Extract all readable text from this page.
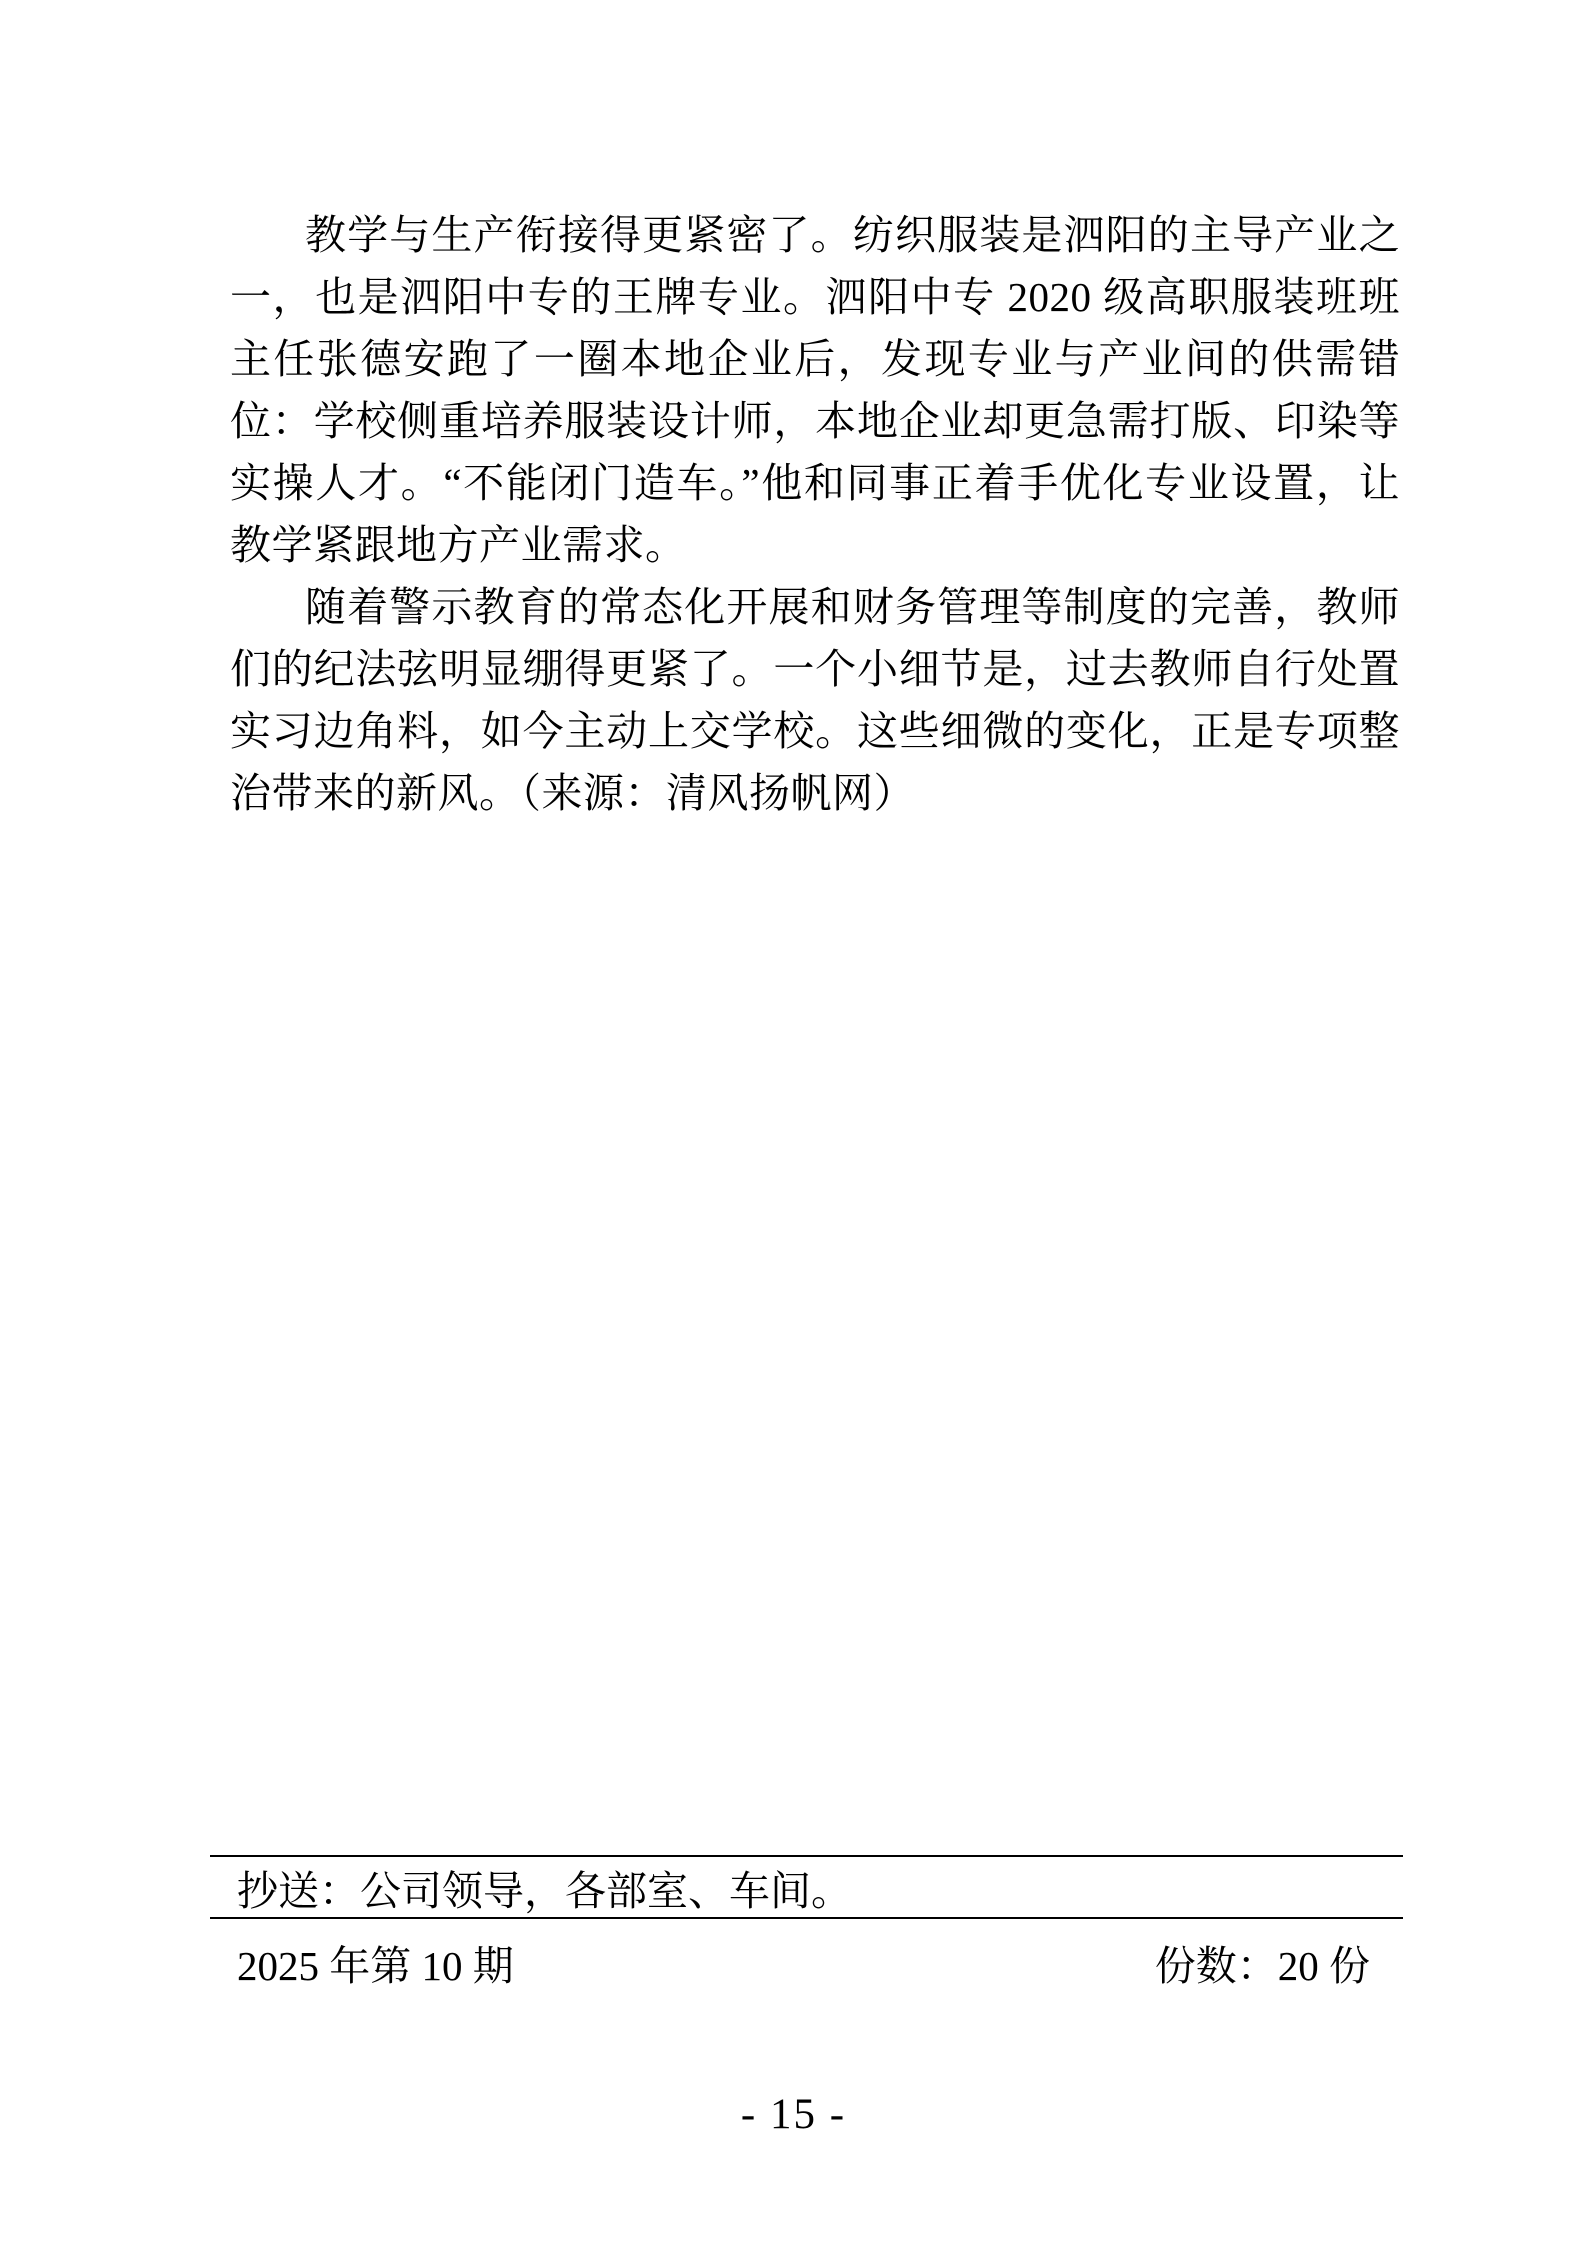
教学与生产衔接得更紧密了。纺织服装是泗阳的主导产业之一，也是泗阳中专的王牌专业。泗阳中专 2020 级高职服装班班主任张德安跑了一圈本地企业后，发现专业与产业间的供需错位：学校侧重培养服装设计师，本地企业却更急需打版、印染等实操人才。“不能闭门造车。”他和同事正着手优化专业设置，让教学紧跟地方产业需求。

随着警示教育的常态化开展和财务管理等制度的完善，教师们的纪法弦明显绷得更紧了。一个小细节是，过去教师自行处置实习边角料，如今主动上交学校。这些细微的变化，正是专项整治带来的新风。（来源：清风扬帆网）

抄送：公司领导，各部室、车间。
2025 年第 10 期	份数：20 份
- 15 -
